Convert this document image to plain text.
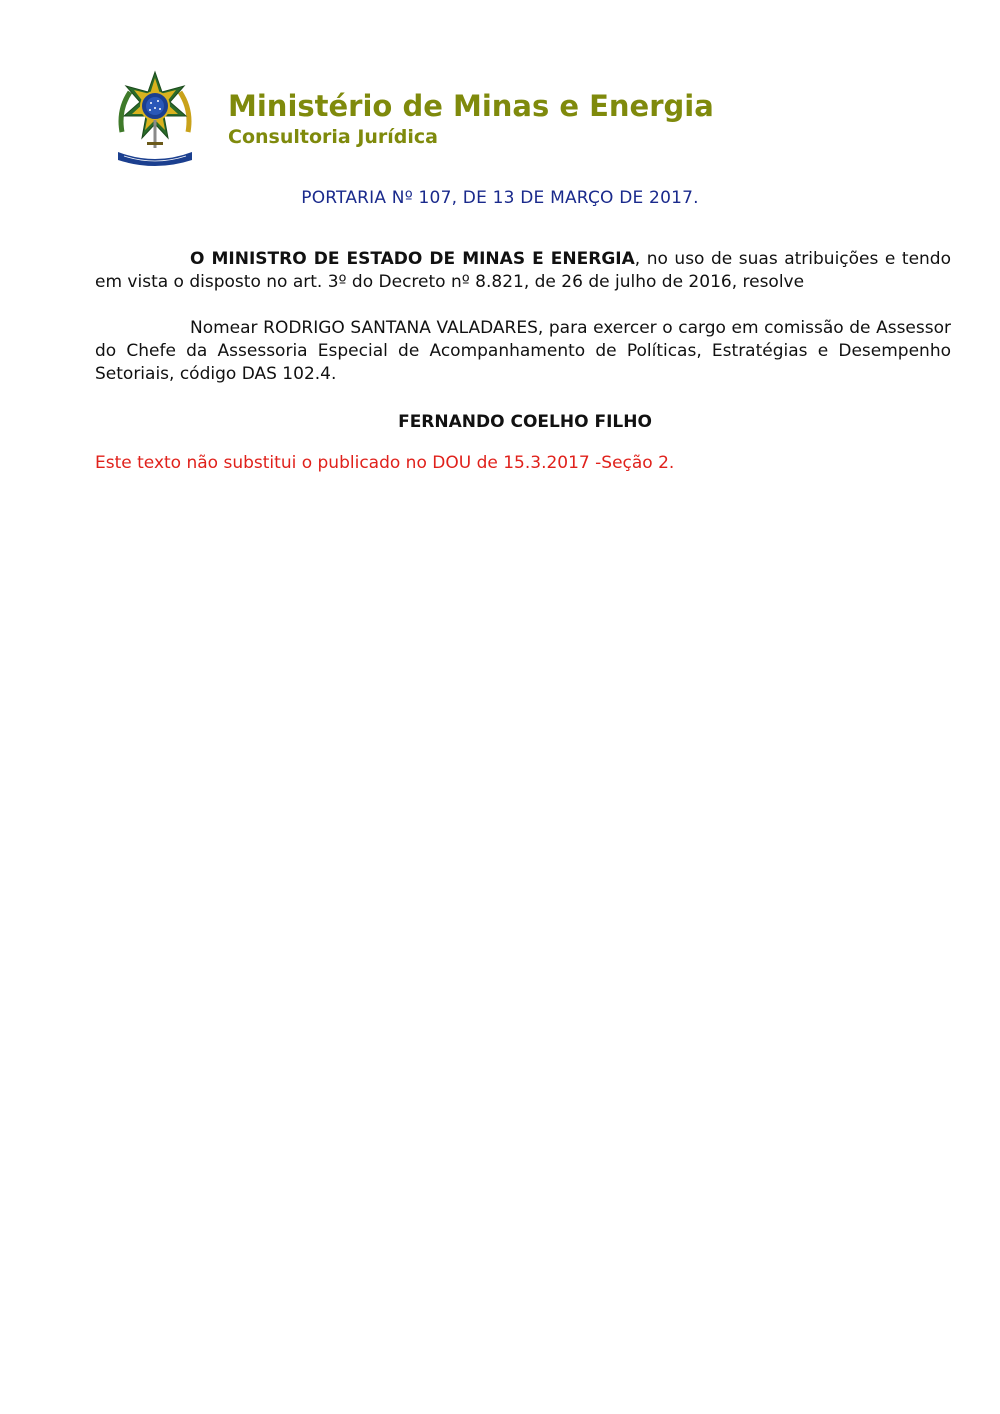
Ministério de Minas e Energia
Consultoria Jurídica
PORTARIA Nº 107, DE 13 DE MARÇO DE 2017.
O MINISTRO DE ESTADO DE MINAS E ENERGIA, no uso de suas atribuições e tendo em vista o disposto no art. 3º do Decreto nº 8.821, de 26 de julho de 2016, resolve
Nomear RODRIGO SANTANA VALADARES, para exercer o cargo em comissão de Assessor do Chefe da Assessoria Especial de Acompanhamento de Políticas, Estratégias e Desempenho Setoriais, código DAS 102.4.
FERNANDO COELHO FILHO
Este texto não substitui o publicado no DOU de 15.3.2017 -Seção 2.
